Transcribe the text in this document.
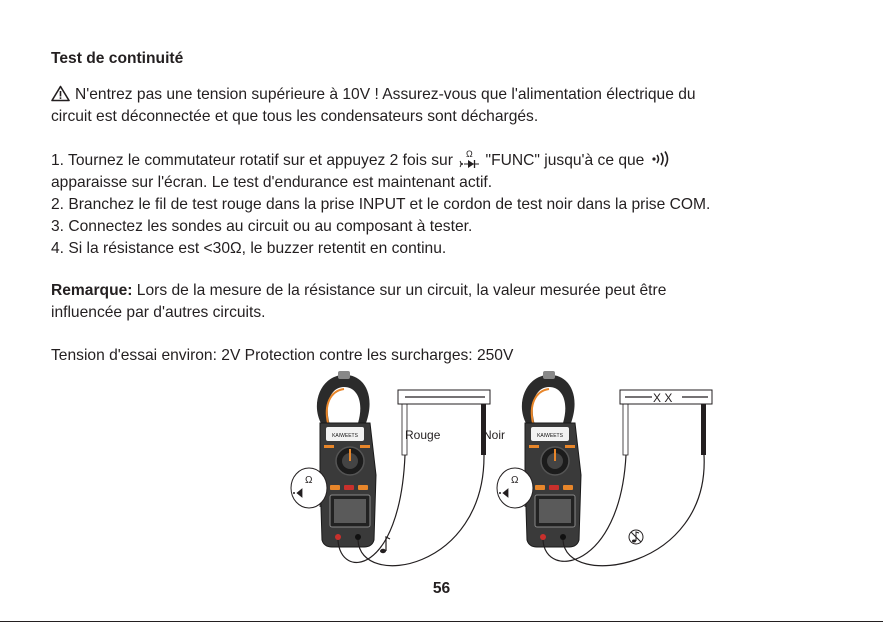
Test de continuité
N'entrez pas une tension supérieure à 10V ! Assurez-vous que l'alimentation électrique du
circuit est déconnectée et que tous les condensateurs sont déchargés.
1. Tournez le commutateur rotatif sur et appuyez 2 fois sur Ω "FUNC" jusqu'à ce que
apparaisse sur l'écran. Le test d'endurance est maintenant actif.
2. Branchez le fil de test rouge dans la prise INPUT et le cordon de test noir dans la prise COM.
3. Connectez les sondes au circuit ou au composant à tester.
4. Si la résistance est <30Ω, le buzzer retentit en continu.
Remarque: Lors de la mesure de la résistance sur un circuit, la valeur mesurée peut être
influencée par d'autres circuits.
Tension d'essai environ: 2V Protection contre les surcharges: 250V
KAIWEETS
Ω
Rouge	Noir	KAIWEETS
Ω
X X
56
